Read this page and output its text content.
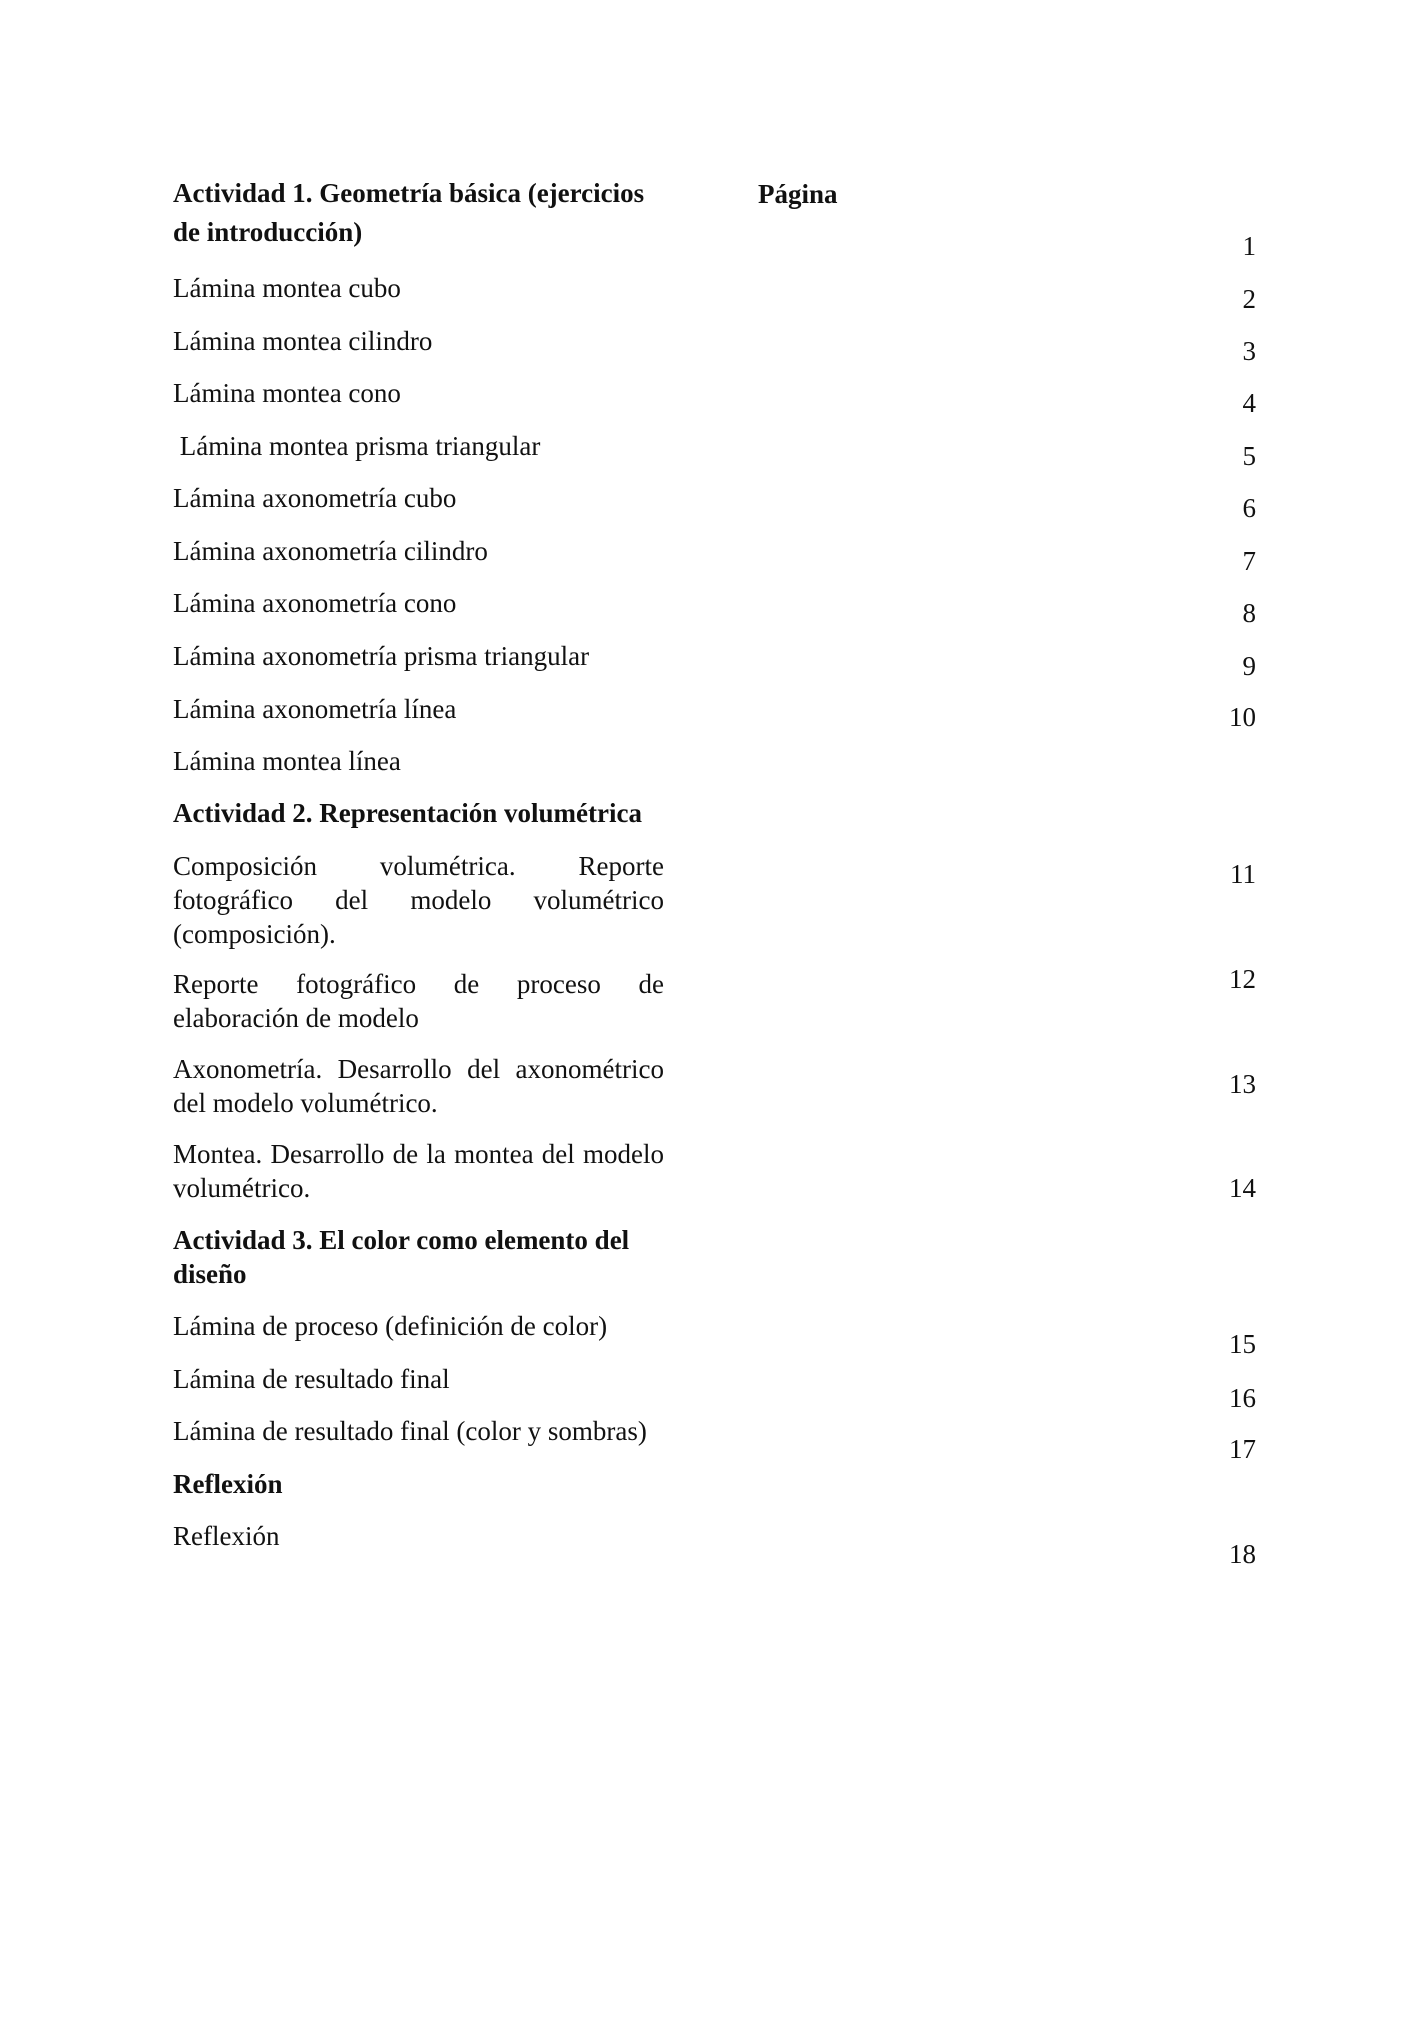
Actividad 1. Geometría básica (ejercicios de introducción)
Página
Lámina montea cubo
Lámina montea cilindro
Lámina montea cono
Lámina montea prisma triangular
Lámina axonometría cubo
Lámina axonometría cilindro
Lámina axonometría cono
Lámina axonometría prisma triangular
Lámina axonometría línea
Lámina montea línea
Actividad 2. Representación volumétrica
Composición volumétrica. Reporte fotográfico del modelo volumétrico (composición).
Reporte fotográfico de proceso de elaboración de modelo
Axonometría. Desarrollo del axonométrico del modelo volumétrico.
Montea. Desarrollo de la montea del modelo volumétrico.
Actividad 3. El color como elemento del diseño
Lámina de proceso (definición de color)
Lámina de resultado final
Lámina de resultado final (color y sombras)
Reflexión
Reflexión
1
2
3
4
5
6
7
8
9
10
11
12
13
14
15
16
17
18
